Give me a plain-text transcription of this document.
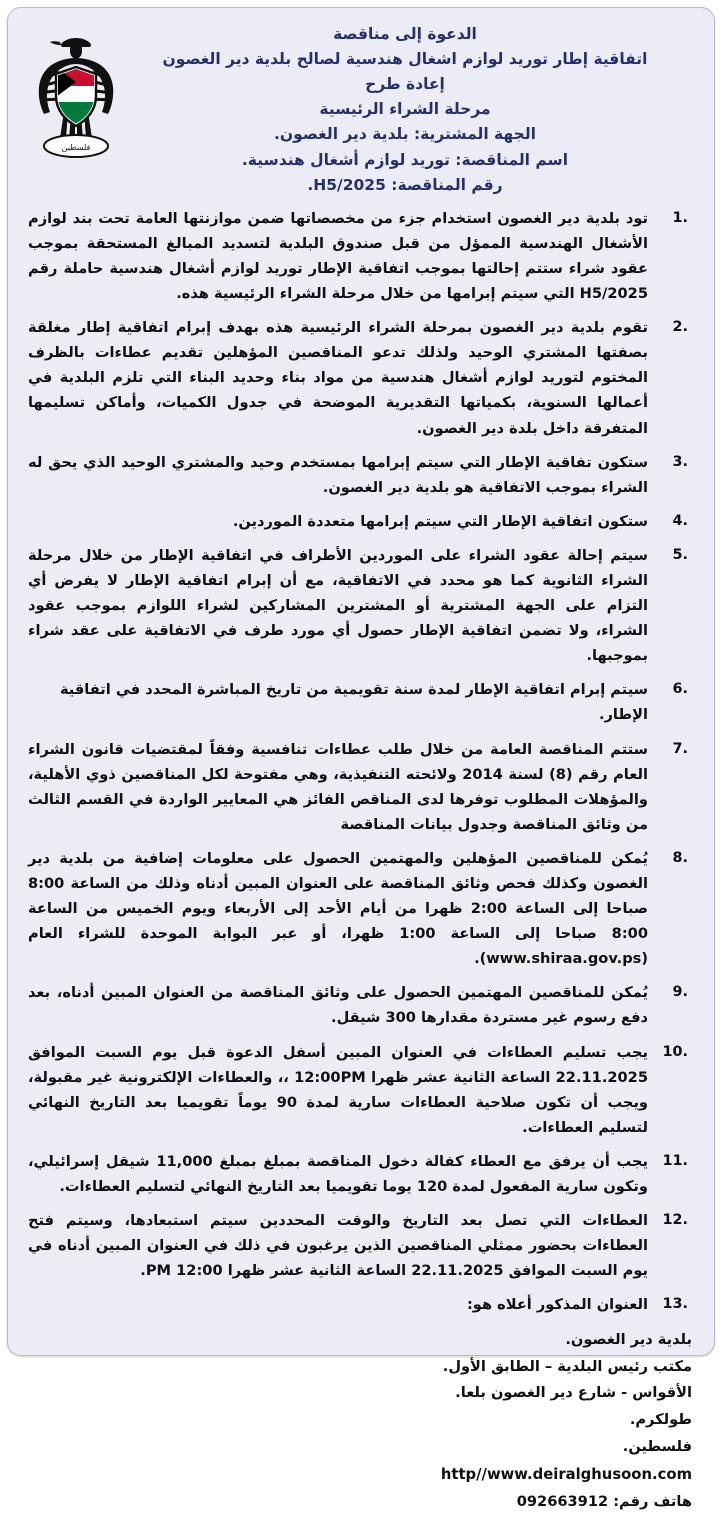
فلسطين
الدعوة إلى مناقصة
اتفاقية إطار توريد لوازم اشغال هندسية لصالح بلدية دير الغصون
إعادة طرح
مرحلة الشراء الرئيسية
الجهة المشترية: بلدية دير الغصون.
اسم المناقصة: توريد لوازم أشغال هندسية.
رقم المناقصة: H5/2025.
1.
تود بلدية دير الغصون استخدام جزء من مخصصاتها ضمن موازنتها العامة تحت بند لوازم الأشغال الهندسية الممؤل من قبل صندوق البلدية لتسديد المبالغ المستحقة بموجب عقود شراء ستتم إحالتها بموجب اتفاقية الإطار توريد لوازم أشغال هندسية حاملة رقم H5/2025 التي سيتم إبرامها من خلال مرحلة الشراء الرئيسية هذه.
2.
تقوم بلدية دير الغصون بمرحلة الشراء الرئيسية هذه بهدف إبرام اتفاقية إطار مغلقة بصفتها المشتري الوحيد ولذلك تدعو المناقصين المؤهلين تقديم عطاءات بالظرف المختوم لتوريد لوازم أشغال هندسية من مواد بناء وحديد البناء التي تلزم البلدية في أعمالها السنوية، بكمياتها التقديرية الموضحة في جدول الكميات، وأماكن تسليمها المتفرقة داخل بلدة دير الغصون.
3.
ستكون تفاقية الإطار التي سيتم إبرامها بمستخدم وحيد والمشتري الوحيد الذي يحق له الشراء بموجب الاتفاقية هو بلدية دير الغصون.
4.
ستكون اتفاقية الإطار التي سيتم إبرامها متعددة الموردين.
5.
سيتم إحالة عقود الشراء على الموردين الأطراف في اتفاقية الإطار من خلال مرحلة الشراء الثانوية كما هو محدد في الاتفاقية، مع أن إبرام اتفاقية الإطار لا يفرض أي التزام على الجهة المشترية أو المشترين المشاركين لشراء اللوازم بموجب عقود الشراء، ولا تضمن اتفاقية الإطار حصول أي مورد طرف في الاتفاقية على عقد شراء بموجبها.
6.
سيتم إبرام اتفاقية الإطار لمدة سنة تقويمية من تاريخ المباشرة المحدد في اتفاقية الإطار.
7.
ستتم المناقصة العامة من خلال طلب عطاءات تنافسية وفقاً لمقتضيات قانون الشراء العام رقم (8) لسنة 2014 ولائحته التنفيذية، وهي مفتوحة لكل المناقصين ذوي الأهلية، والمؤهلات المطلوب توفرها لدى المناقص الفائز هي المعايير الواردة في القسم الثالث من وثائق المناقصة وجدول بيانات المناقصة
8.
يُمكن للمناقصين المؤهلين والمهتمين الحصول على معلومات إضافية من بلدية دير الغصون وكذلك فحص وثائق المناقصة على العنوان المبين أدناه وذلك من الساعة 8:00 صباحا إلى الساعة 2:00 ظهرا من أيام الأحد إلى الأربعاء ويوم الخميس من الساعة 8:00 صباحا إلى الساعة 1:00 ظهرا، أو عبر البوابة الموحدة للشراء العام (www.shiraa.gov.ps).
9.
يُمكن للمناقصين المهتمين الحصول على وثائق المناقصة من العنوان المبين أدناه، بعد دفع رسوم غير مستردة مقدارها 300 شيقل.
10.
يجب تسليم العطاءات في العنوان المبين أسفل الدعوة قبل يوم السبت الموافق 22.11.2025 الساعة الثانية عشر ظهرا 12:00PM ،، والعطاءات الإلكترونية غير مقبولة، ويجب أن تكون صلاحية العطاءات سارية لمدة 90 يوماً تقويميا بعد التاريخ النهائي لتسليم العطاءات.
11.
يجب أن يرفق مع العطاء كفالة دخول المناقصة بمبلغ بمبلغ 11,000 شيقل إسرائيلي، وتكون سارية المفعول لمدة 120 يوما تقويميا بعد التاريخ النهائي لتسليم العطاءات.
12.
العطاءات التي تصل بعد التاريخ والوقت المحددين سيتم استبعادها، وسيتم فتح العطاءات بحضور ممثلي المناقصين الذين يرغبون في ذلك في العنوان المبين أدناه في يوم السبت الموافق 22.11.2025 الساعة الثانية عشر ظهرا 12:00 PM.
13.
العنوان المذكور أعلاه هو:
بلدية دير الغصون.
مكتب رئيس البلدية – الطابق الأول.
الأقواس - شارع دير الغصون بلعا.
طولكرم.
فلسطين.
http//www.deiralghusoon.com
هاتف رقم: 092663912
